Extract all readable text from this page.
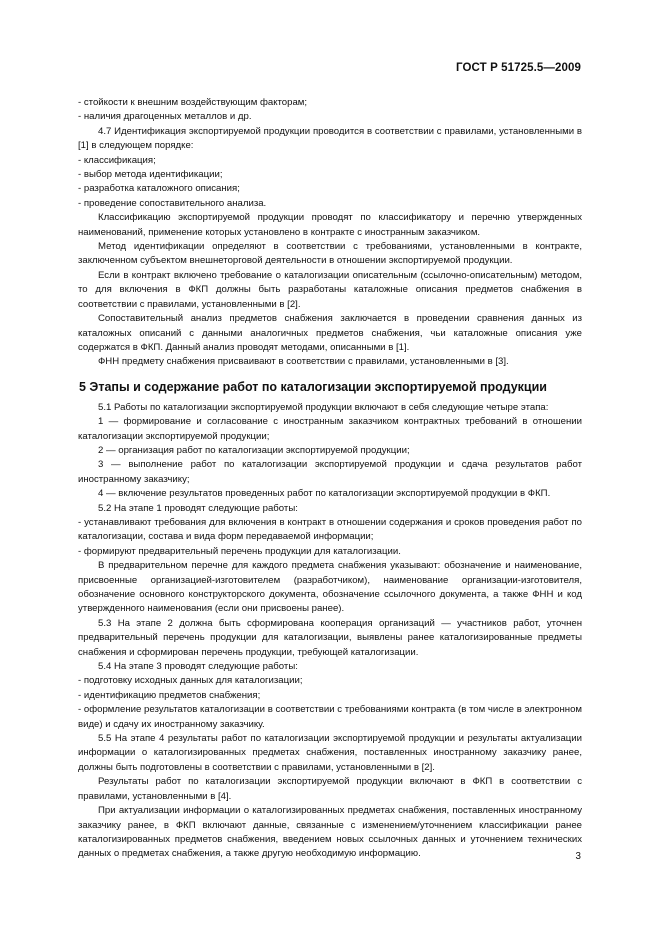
ГОСТ Р 51725.5—2009

- стойкости к внешним воздействующим факторам;

- наличия драгоценных металлов и др.

4.7 Идентификация экспортируемой продукции проводится в соответствии с правилами, установленными в [1] в следующем порядке:

- классификация;

- выбор метода идентификации;

- разработка каталожного описания;

- проведение сопоставительного анализа.

Классификацию экспортируемой продукции проводят по классификатору и перечню утвержденных наименований, применение которых установлено в контракте с иностранным заказчиком.

Метод идентификации определяют в соответствии с требованиями, установленными в контракте, заключенном субъектом внешнеторговой деятельности в отношении экспортируемой продукции.

Если в контракт включено требование о каталогизации описательным (ссылочно-описательным) методом, то для включения в ФКП должны быть разработаны каталожные описания предметов снабжения в соответствии с правилами, установленными в [2].

Сопоставительный анализ предметов снабжения заключается в проведении сравнения данных из каталожных описаний с данными аналогичных предметов снабжения, чьи каталожные описания уже содержатся в ФКП. Данный анализ проводят методами, описанными в [1].

ФНН предмету снабжения присваивают в соответствии с правилами, установленными в [3].

5 Этапы и содержание работ по каталогизации экспортируемой продукции

5.1 Работы по каталогизации экспортируемой продукции включают в себя следующие четыре этапа:

1 — формирование и согласование с иностранным заказчиком контрактных требований в отношении каталогизации экспортируемой продукции;

2 — организация работ по каталогизации экспортируемой продукции;

3 — выполнение работ по каталогизации экспортируемой продукции и сдача результатов работ иностранному заказчику;

4 — включение результатов проведенных работ по каталогизации экспортируемой продукции в ФКП.

5.2 На этапе 1 проводят следующие работы:

- устанавливают требования для включения в контракт в отношении содержания и сроков проведения работ по каталогизации, состава и вида форм передаваемой информации;

- формируют предварительный перечень продукции для каталогизации.

В предварительном перечне для каждого предмета снабжения указывают: обозначение и наименование, присвоенные организацией-изготовителем (разработчиком), наименование организации-изготовителя, обозначение основного конструкторского документа, обозначение ссылочного документа, а также ФНН и код утвержденного наименования (если они присвоены ранее).

5.3 На этапе 2 должна быть сформирована кооперация организаций — участников работ, уточнен предварительный перечень продукции для каталогизации, выявлены ранее каталогизированные предметы снабжения и сформирован перечень продукции, требующей каталогизации.

5.4 На этапе 3 проводят следующие работы:

- подготовку исходных данных для каталогизации;

- идентификацию предметов снабжения;

- оформление результатов каталогизации в соответствии с требованиями контракта (в том числе в электронном виде) и сдачу их иностранному заказчику.

5.5 На этапе 4 результаты работ по каталогизации экспортируемой продукции и результаты актуализации информации о каталогизированных предметах снабжения, поставленных иностранному заказчику ранее, должны быть подготовлены в соответствии с правилами, установленными в [2].

Результаты работ по каталогизации экспортируемой продукции включают в ФКП в соответствии с правилами, установленными в [4].

При актуализации информации о каталогизированных предметах снабжения, поставленных иностранному заказчику ранее, в ФКП включают данные, связанные с изменением/уточнением классификации ранее каталогизированных предметов снабжения, введением новых ссылочных данных и уточнением технических данных о предметах снабжения, а также другую необходимую информацию.	3
